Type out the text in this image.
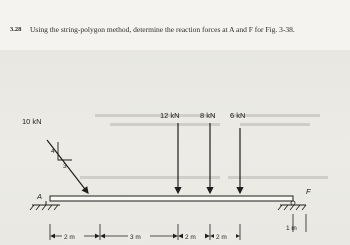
3.28 Using the string-polygon method, determine the reaction forces at A and F for Fig. 3-38.
10 kN
12 kN	8 kN 6 kN
4
3
A
F
2 m	3 m	2 m	2 m
1 m
